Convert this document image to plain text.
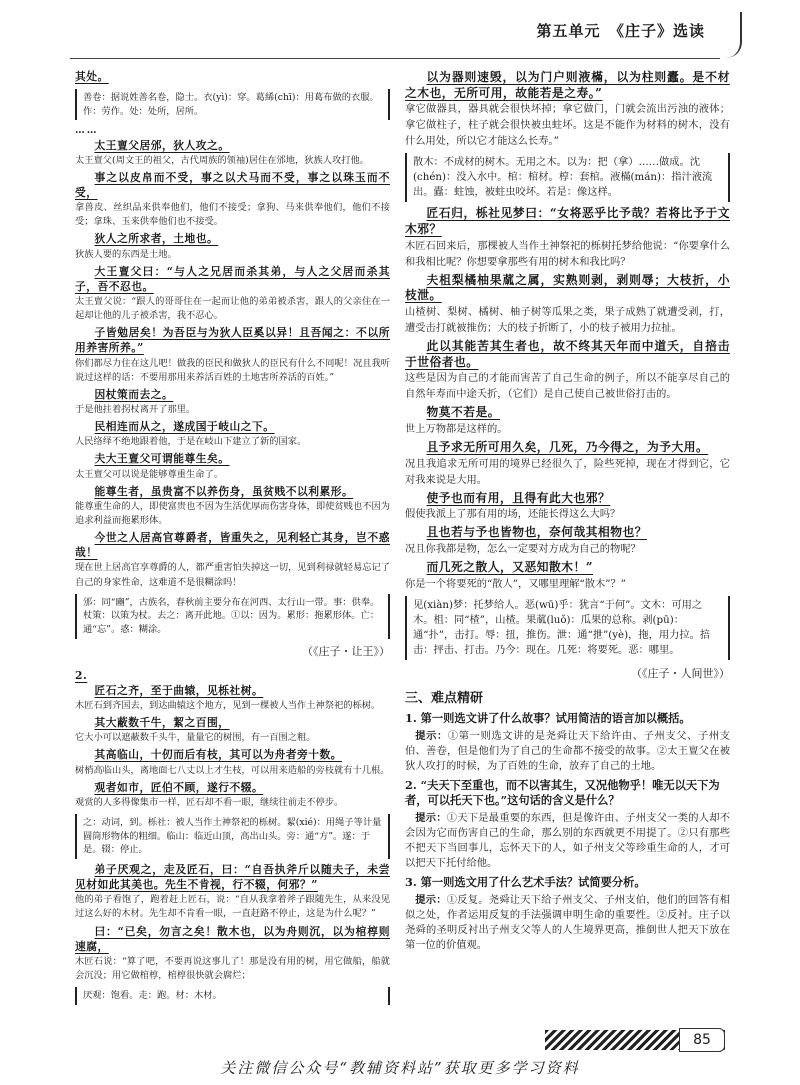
第五单元　《庄子》选读
其处。
善卷：据说姓善名卷，隐士。衣(yì)：穿。葛絺(chī)：用葛布做的衣服。作：劳作。处：处所，居所。
……
太王亶父居邠，狄人攻之。
太王亶父(周文王的祖父，古代周族的领袖)居住在邠地，狄族人攻打他。
事之以皮帛而不受，事之以犬马而不受，事之以珠玉而不受，
拿兽皮、丝织品来供奉他们，他们不接受；拿狗、马来供奉他们，他们不接受；拿珠、玉来供奉他们也不接受。
狄人之所求者，土地也。
狄族人要的东西是土地。
大王亶父曰：“与人之兄居而杀其弟，与人之父居而杀其子，吾不忍也。
太王亶父说：“跟人的哥哥住在一起而让他的弟弟被杀害，跟人的父亲住在一起却让他的儿子被杀害，我不忍心。
子皆勉居矣！为吾臣与为狄人臣奚以异！且吾闻之：不以所用养害所养。”
你们都尽力住在这儿吧！做我的臣民和做狄人的臣民有什么不同呢！况且我听说过这样的话：不要用那用来养活百姓的土地害所养活的百姓。”
因杖策而去之。
于是他拄着拐杖离开了那里。
民相连而从之，遂成国于岐山之下。
人民络绎不绝地跟着他，于是在岐山下建立了新的国家。
夫大王亶父可谓能尊生矣。
太王亶父可以说是能够尊重生命了。
能尊生者，虽贵富不以养伤身，虽贫贱不以利累形。
能尊重生命的人，即使富贵也不因为生活优厚而伤害身体，即使贫贱也不因为追求利益而拖累形体。
今世之人居高官尊爵者，皆重失之，见利轻亡其身，岂不惑哉！
现在世上居高官享尊爵的人，都严重害怕失掉这一切，见到利禄就轻易忘记了自己的身家性命，这难道不是很糊涂吗！
邠：同“豳”，古族名，春秋前主要分布在河西、太行山一带。事：供奉。杖策：以策为杖。去之：离开此地。①以：因为。累形：拖累形体。亡：通“忘”。惑：糊涂。
（《庄子・让王》）
2.
匠石之齐，至于曲辕，见栎社树。
木匠石到齐国去，到达曲辕这个地方，见到一棵被人当作土神祭祀的栎树。
其大蔽数千牛，絜之百围，
它大小可以遮蔽数千头牛，量量它的树围，有一百围之粗。
其高临山，十仞而后有枝，其可以为舟者旁十数。
树梢高临山头，离地面七八丈以上才生枝，可以用来造船的旁枝就有十几根。
观者如市，匠伯不顾，遂行不辍。
观赏的人多得像集市一样，匠石却不看一眼，继续往前走不停步。
之：动词，到。栎社：被人当作土神祭祀的栎树。絜(xié)：用绳子等计量圆筒形物体的粗细。临山：临近山顶，高出山头。旁：通“方”。遂：于是。辍：停止。
弟子厌观之，走及匠石，曰：“自吾执斧斤以随夫子，未尝见材如此其美也。先生不肯视，行不辍，何邪？”
他的弟子看饱了，跑着赶上匠石，说：“自从我拿着斧子跟随先生，从来没见过这么好的木材。先生却不肯看一眼，一直赶路不停止，这是为什么呢？”
曰：“已矣，勿言之矣！散木也，以为舟则沉，以为棺椁则速腐，
木匠石说：“算了吧，不要再说这事儿了！那是没有用的树，用它做船，船就会沉没；用它做棺椁，棺椁很快就会腐烂；
厌观：饱看。走：跑。材：木材。
以为器则速毁，以为门户则液樠，以为柱则蠹。是不材之木也，无所可用，故能若是之寿。”
拿它做器具，器具就会很快坏掉；拿它做门，门就会流出污浊的液体；拿它做柱子，柱子就会很快被虫蛀坏。这是不能作为材料的树木，没有什么用处，所以它才能这么长寿。”
散木：不成材的树木。无用之木。以为：把（拿）……做成。沈(chén)：没入水中。棺：棺材。椁：套棺。液樠(mán)：指汁液流出。蠹：蛀蚀，被蛀虫咬坏。若是：像这样。
匠石归，栎社见梦曰：“女将恶乎比予哉？若将比予于文木邪？
木匠石回来后，那棵被人当作土神祭祀的栎树托梦给他说：“你要拿什么和我相比呢？你想要拿那些有用的树木和我比吗？
夫柤梨橘柚果蓏之属，实熟则剥，剥则辱；大枝折，小枝泄。
山楂树、梨树、橘树、柚子树等瓜果之类，果子成熟了就遭受剥，打，遭受击打就被推伤；大的枝子折断了，小的枝子被用力拉扯。
此以其能苦其生者也，故不终其天年而中道夭，自掊击于世俗者也。
这些是因为自己的才能而害苦了自己生命的例子，所以不能享尽自己的自然年寿而中途夭折，（它们）是自己使自己被世俗打击的。
物莫不若是。
世上万物都是这样的。
且予求无所可用久矣，几死，乃今得之，为予大用。
况且我追求无所可用的境界已经很久了，险些死掉，现在才得到它，它对我来说是大用。
使予也而有用，且得有此大也邪？
假使我派上了那有用的场，还能长得这么大吗？
且也若与予也皆物也，奈何哉其相物也？
况且你我都是物，怎么一定要对方成为自己的物呢？
而几死之散人，又恶知散木！”
你是一个将要死的“散人”，又哪里理解“散木”？”
见(xiàn)梦：托梦给人。恶(wū)乎：犹言“于何”。文木：可用之木。柤：同“楂”，山楂。果蓏(luǒ)：瓜果的总称。剥(pū)：通“扑”，击打。辱：扭，推伤。泄：通“抴”(yè)，拖，用力拉。掊击：抨击、打击。乃今：现在。几死：将要死。恶：哪里。
（《庄子・人间世》）
三、难点精研
1. 第一则选文讲了什么故事？试用简洁的语言加以概括。
提示：①第一则选文讲的是尧舜让天下给许由、子州支父、子州支伯、善卷，但是他们为了自己的生命都不接受的故事。②太王亶父在被狄人攻打的时候，为了百姓的生命，放弃了自己的土地。
2. “夫天下至重也，而不以害其生，又况他物乎！唯无以天下为者，可以托天下也。”这句话的含义是什么？
提示：①天下是最重要的东西，但是像许由、子州支父一类的人却不会因为它而伤害自己的生命，那么别的东西就更不用提了。②只有那些不把天下当回事儿，忘怀天下的人，如子州支父等珍重生命的人，才可以把天下托付给他。
3. 第一则选文用了什么艺术手法？试简要分析。
提示：①反复。尧舜让天下给子州支父、子州支伯，他们的回答有相似之处，作者运用反复的手法强调申明生命的重要性。②反衬。庄子以尧舜的圣明反衬出子州支父等人的人生境界更高，推倒世人把天下放在第一位的价值观。
85
关注微信公众号“教辅资料站”获取更多学习资料
